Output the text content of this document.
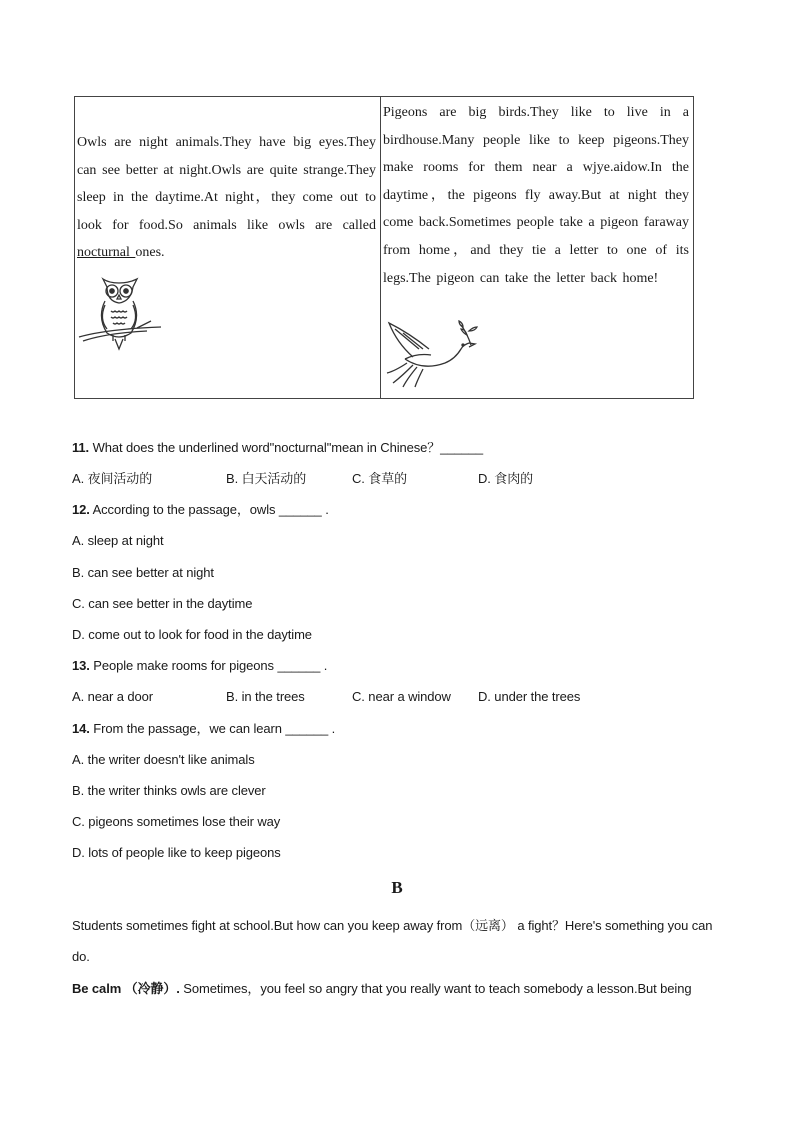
Owls are night animals.They have big eyes.They can see better at night.Owls are quite strange.They sleep in the daytime.At night，they come out to look for food.So animals like owls are called nocturnal ones.
Pigeons are big birds.They like to live in a birdhouse.Many people like to keep pigeons.They make rooms for them near a wjye.aidow.In the daytime，the pigeons fly away.But at night they come back.Sometimes people take a pigeon faraway from home，and they tie a letter to one of its legs.The pigeon can take the letter back home!
11. What does the underlined word"nocturnal"mean in Chinese？______
A. 夜间活动的	B. 白天活动的	C. 食草的	D. 食肉的
12. According to the passage，owls ______ .
A. sleep at night
B. can see better at night
C. can see better in the daytime
D. come out to look for food in the daytime
13. People make rooms for pigeons ______ .
A. near a door	B. in the trees	C. near a window D. under the trees
14. From the passage，we can learn ______ .
A. the writer doesn't like animals
B. the writer thinks owls are clever
C. pigeons sometimes lose their way
D. lots of people like to keep pigeons
B
Students sometimes fight at school.But how can you keep away from（远离） a fight？Here's something you can
do.
Be calm （冷静）. Sometimes，you feel so angry that you really want to teach somebody a lesson.But being
